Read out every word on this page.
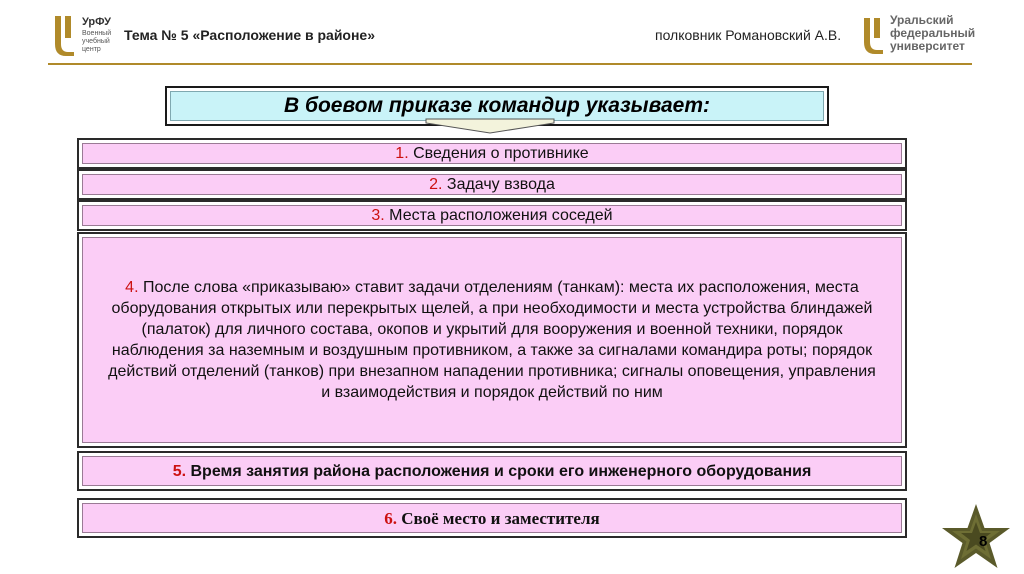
УрФУ
Военный учебный центр
Тема № 5 «Расположение в районе»	полковник Романовский А.В.
Уральский федеральный университет
В боевом приказе командир указывает:
1. Сведения о противнике
2. Задачу взвода
3. Места расположения соседей
4. После слова «приказываю» ставит задачи отделениям (танкам): места их расположения, места оборудования открытых или перекрытых щелей, а при необходимости и места устройства блиндажей (палаток) для личного состава, окопов и укрытий для вооружения и военной техники, порядок наблюдения за наземным и воздушным противником, а также за сигналами командира роты; порядок действий отделений (танков) при внезапном нападении противника; сигналы оповещения, управления и взаимодействия и порядок действий по ним
5. Время занятия района расположения и сроки его инженерного оборудования
6. Своё место и заместителя
8
